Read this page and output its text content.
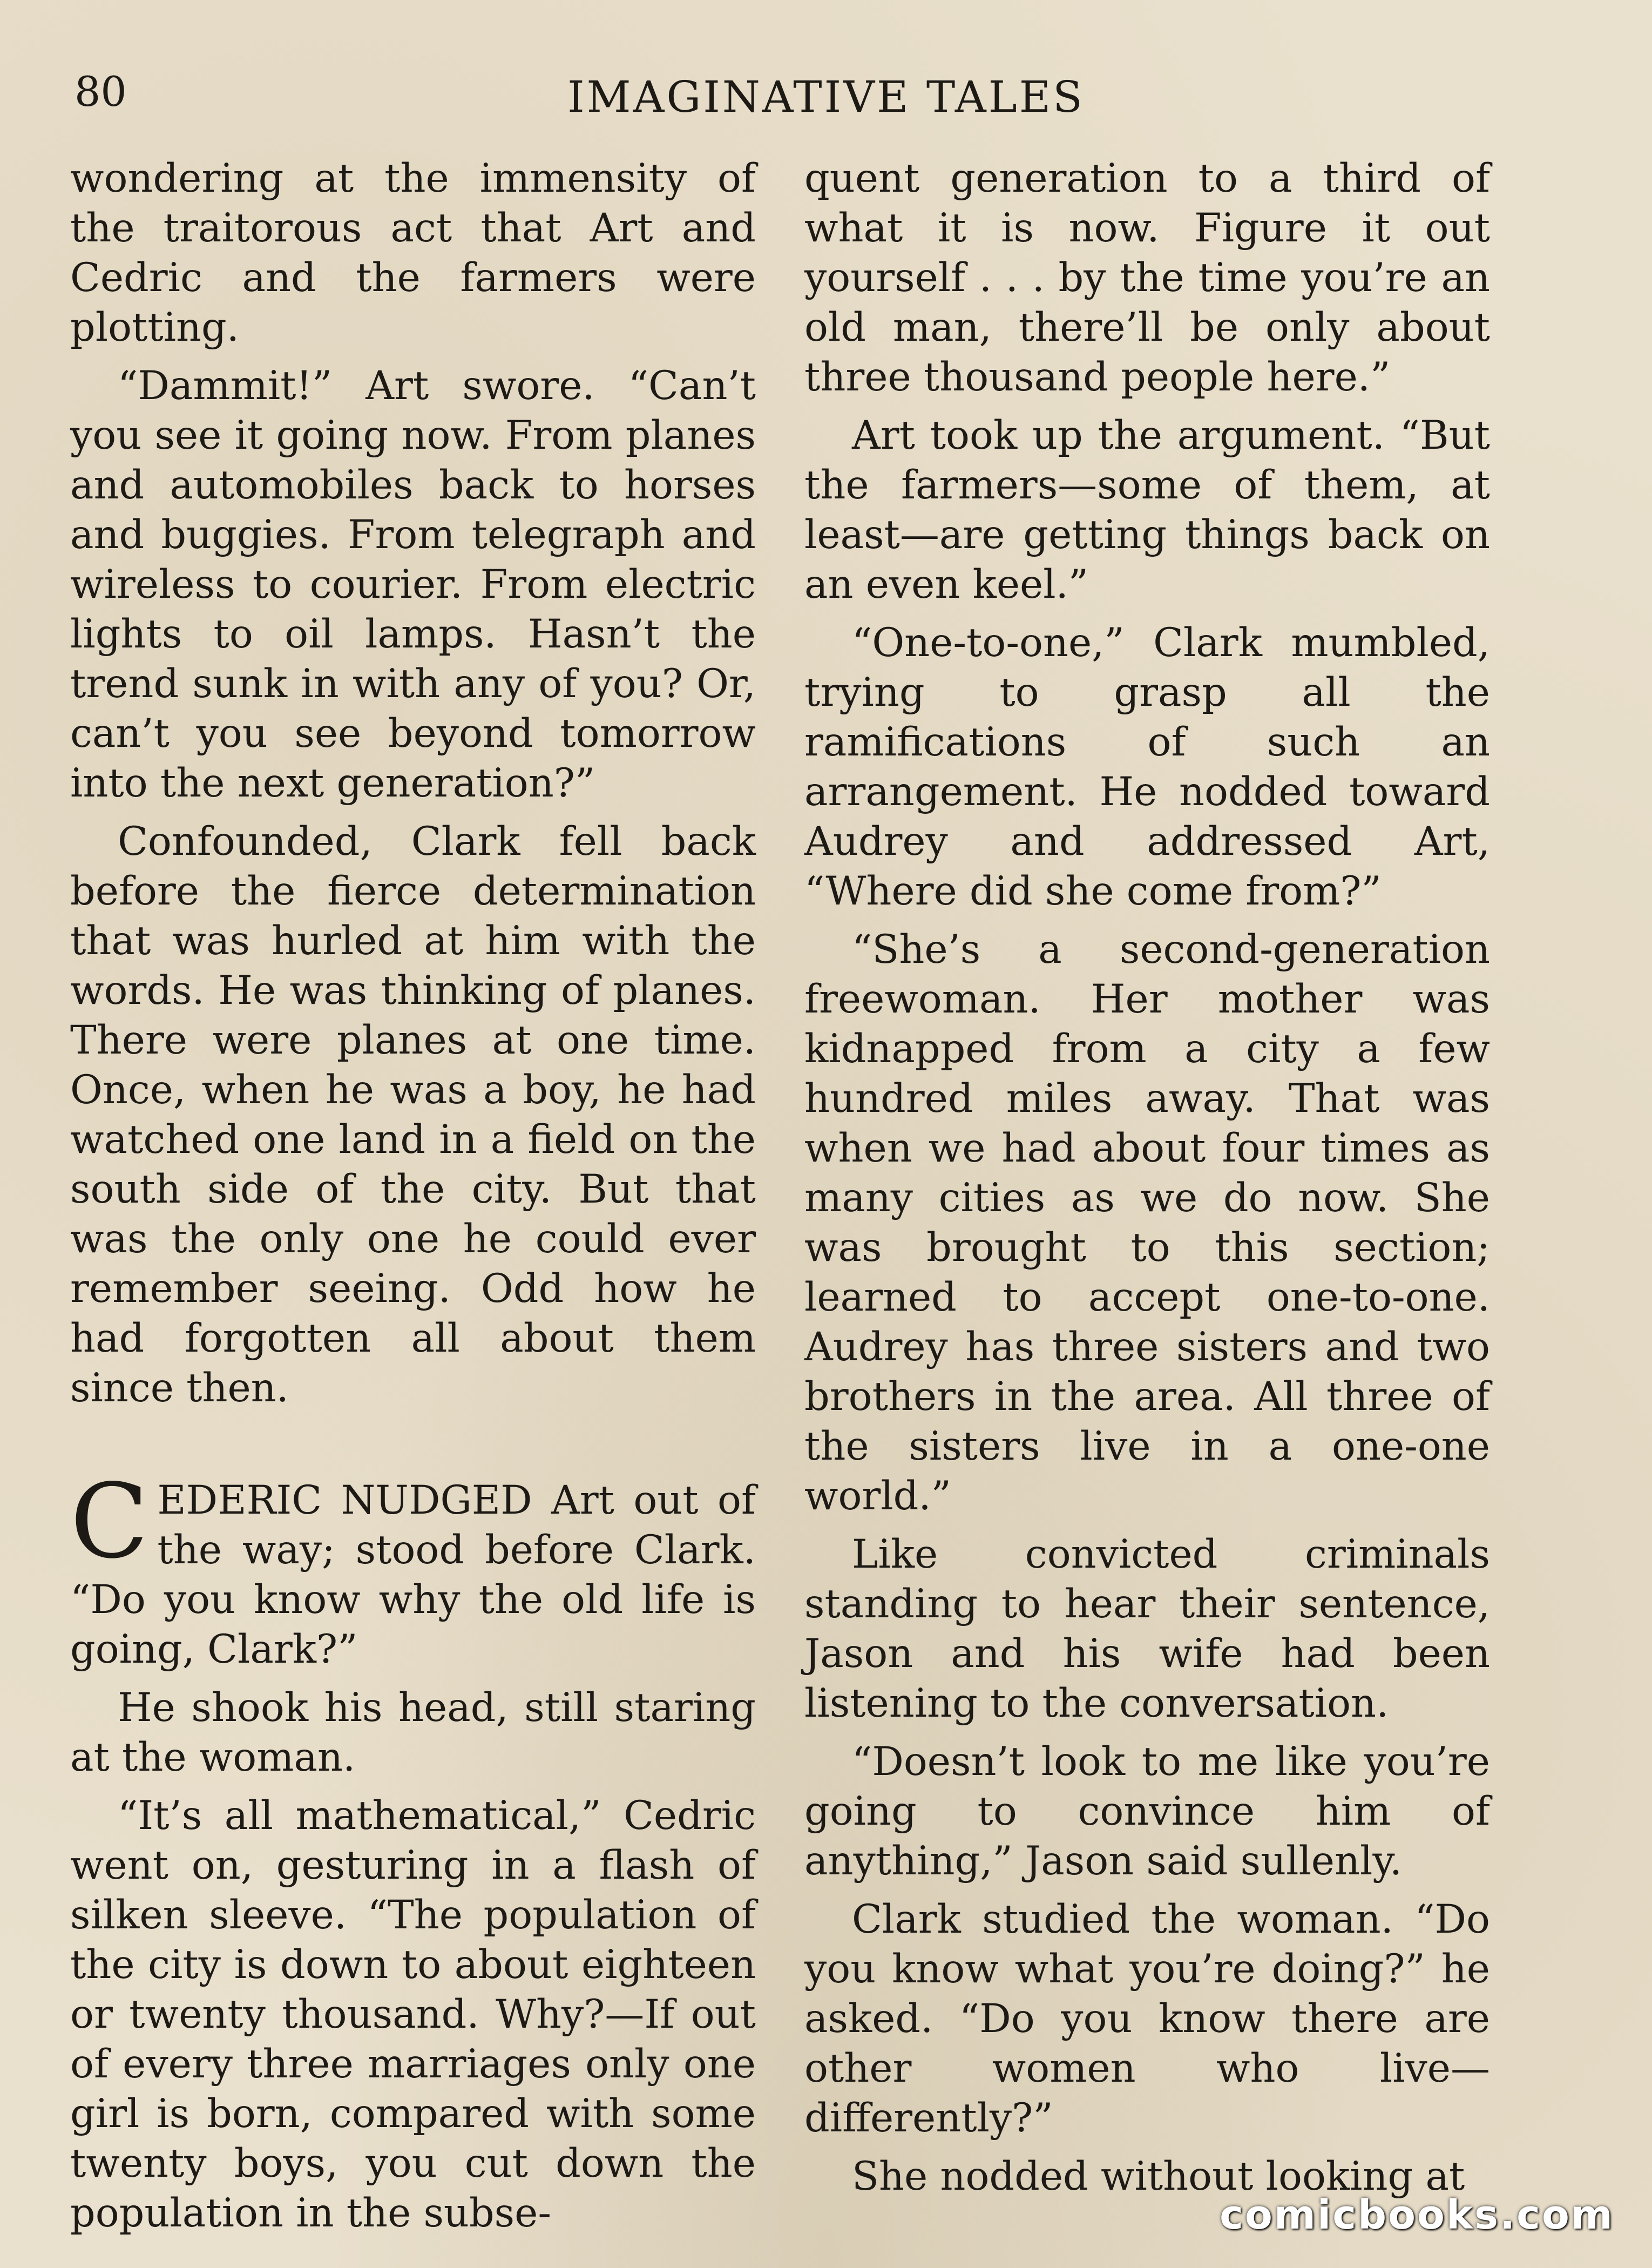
80	IMAGINATIVE TALES

wondering at the immensity of the traitorous act that Art and Cedric and the farmers were plotting.

“Dammit!” Art swore. “Can’t you see it going now. From planes and automobiles back to horses and buggies. From telegraph and wireless to courier. From electric lights to oil lamps. Hasn’t the trend sunk in with any of you? Or, can’t you see beyond tomorrow into the next generation?”

Confounded, Clark fell back before the fierce determination that was hurled at him with the words. He was thinking of planes. There were planes at one time. Once, when he was a boy, he had watched one land in a field on the south side of the city. But that was the only one he could ever remember seeing. Odd how he had forgotten all about them since then.

CEDERIC NUDGED Art out of the way; stood before Clark. “Do you know why the old life is going, Clark?”

He shook his head, still staring at the woman.

“It’s all mathematical,” Cedric went on, gesturing in a flash of silken sleeve. “The population of the city is down to about eighteen or twenty thousand. Why?—If out of every three marriages only one girl is born, compared with some twenty boys, you cut down the population in the subse-

quent generation to a third of what it is now. Figure it out yourself . . . by the time you’re an old man, there’ll be only about three thousand people here.”

Art took up the argument. “But the farmers—some of them, at least—are getting things back on an even keel.”

“One-to-one,” Clark mumbled, trying to grasp all the ramifications of such an arrangement. He nodded toward Audrey and addressed Art, “Where did she come from?”

“She’s a second-generation freewoman. Her mother was kidnapped from a city a few hundred miles away. That was when we had about four times as many cities as we do now. She was brought to this section; learned to accept one-to-one. Audrey has three sisters and two brothers in the area. All three of the sisters live in a one-one world.”

Like convicted criminals standing to hear their sentence, Jason and his wife had been listening to the conversation.

“Doesn’t look to me like you’re going to convince him of anything,” Jason said sullenly.

Clark studied the woman. “Do you know what you’re doing?” he asked. “Do you know there are other women who live—differently?”

She nodded without looking at

comicbooks.com
